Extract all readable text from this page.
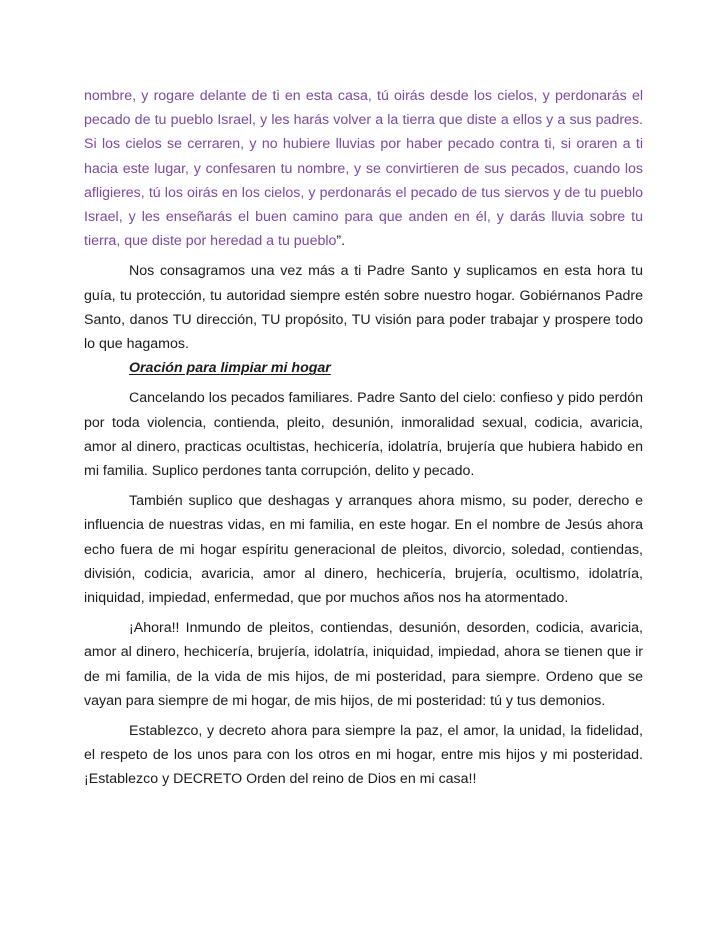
nombre, y rogare delante de ti en esta casa, tú oirás desde los cielos, y perdonarás el pecado de tu pueblo Israel, y les harás volver a la tierra que diste a ellos y a sus padres. Si los cielos se cerraren, y no hubiere lluvias por haber pecado contra ti, si oraren a ti hacia este lugar, y confesaren tu nombre, y se convirtieren de sus pecados, cuando los afligieres, tú los oirás en los cielos, y perdonarás el pecado de tus siervos y de tu pueblo Israel, y les enseñarás el buen camino para que anden en él, y darás lluvia sobre tu tierra, que diste por heredad a tu pueblo”.

Nos consagramos una vez más a ti Padre Santo y suplicamos en esta hora tu guía, tu protección, tu autoridad siempre estén sobre nuestro hogar. Gobiérnanos Padre Santo, danos TU dirección, TU propósito, TU visión para poder trabajar y prospere todo lo que hagamos.

Oración para limpiar mi hogar

Cancelando los pecados familiares. Padre Santo del cielo: confieso y pido perdón por toda violencia, contienda, pleito, desunión, inmoralidad sexual, codicia, avaricia, amor al dinero, practicas ocultistas, hechicería, idolatría, brujería que hubiera habido en mi familia. Suplico perdones tanta corrupción, delito y pecado.

También suplico que deshagas y arranques ahora mismo, su poder, derecho e influencia de nuestras vidas, en mi familia, en este hogar. En el nombre de Jesús ahora echo fuera de mi hogar espíritu generacional de pleitos, divorcio, soledad, contiendas, división, codicia, avaricia, amor al dinero, hechicería, brujería, ocultismo, idolatría, iniquidad, impiedad, enfermedad, que por muchos años nos ha atormentado.

¡Ahora!! Inmundo de pleitos, contiendas, desunión, desorden, codicia, avaricia, amor al dinero, hechicería, brujería, idolatría, iniquidad, impiedad, ahora se tienen que ir de mi familia, de la vida de mis hijos, de mi posteridad, para siempre. Ordeno que se vayan para siempre de mi hogar, de mis hijos, de mi posteridad: tú y tus demonios.

Establezco, y decreto ahora para siempre la paz, el amor, la unidad, la fidelidad, el respeto de los unos para con los otros en mi hogar, entre mis hijos y mi posteridad. ¡Establezco y DECRETO Orden del reino de Dios en mi casa!!
